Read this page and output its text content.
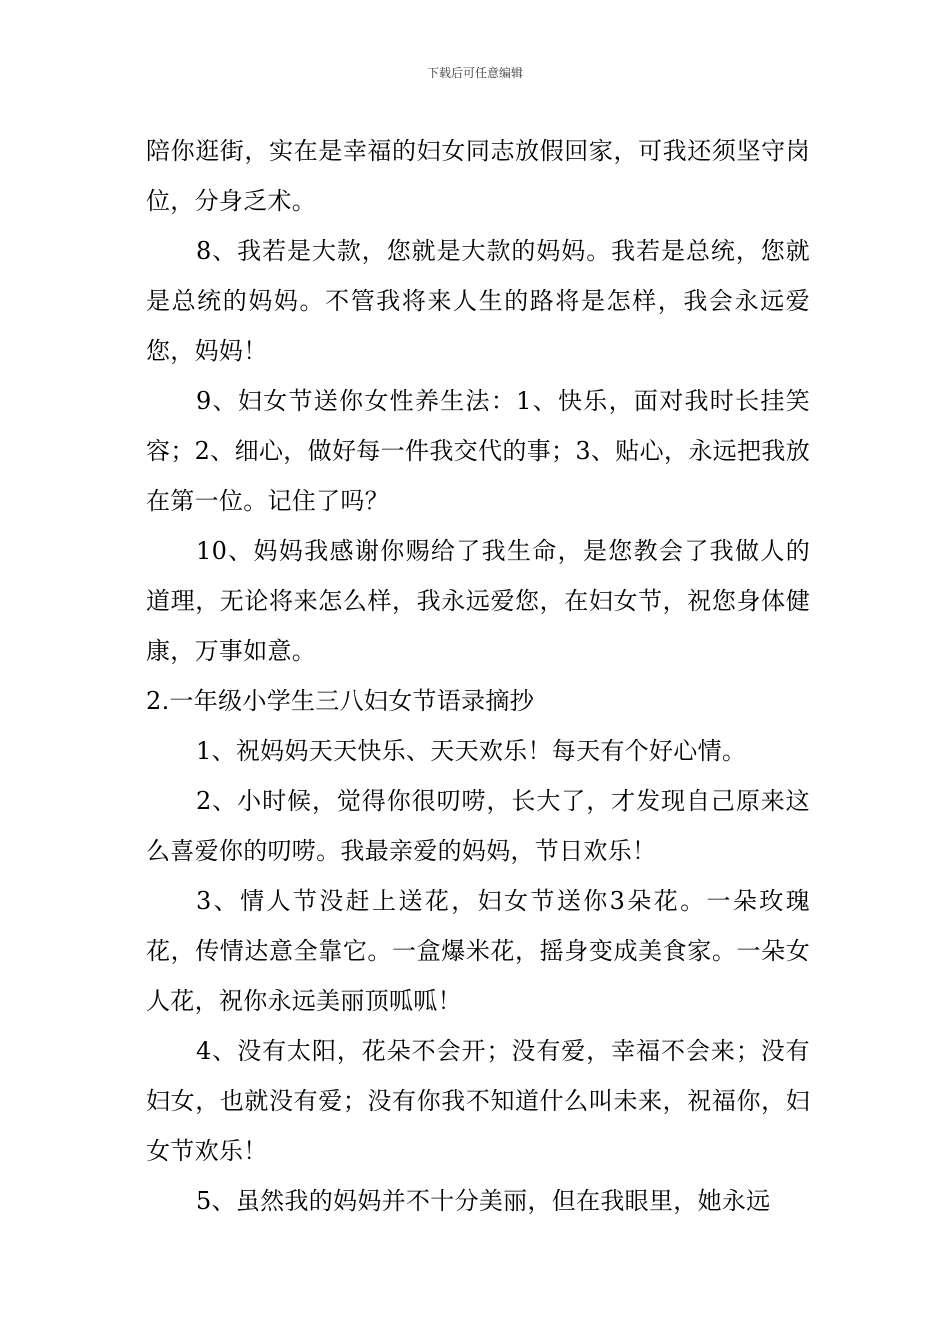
下载后可任意编辑

陪你逛街，实在是幸福的妇女同志放假回家，可我还须坚守岗位，分身乏术。

8、我若是大款，您就是大款的妈妈。我若是总统，您就是总统的妈妈。不管我将来人生的路将是怎样，我会永远爱您，妈妈！

9、妇女节送你女性养生法：1、快乐，面对我时长挂笑容；2、细心，做好每一件我交代的事；3、贴心，永远把我放在第一位。记住了吗？

10、妈妈我感谢你赐给了我生命，是您教会了我做人的道理，无论将来怎么样，我永远爱您，在妇女节，祝您身体健康，万事如意。

2.一年级小学生三八妇女节语录摘抄

1、祝妈妈天天快乐、天天欢乐！每天有个好心情。

2、小时候，觉得你很叨唠，长大了，才发现自己原来这么喜爱你的叨唠。我最亲爱的妈妈，节日欢乐！

3、情人节没赶上送花，妇女节送你3朵花。一朵玫瑰花，传情达意全靠它。一盒爆米花，摇身变成美食家。一朵女人花，祝你永远美丽顶呱呱！

4、没有太阳，花朵不会开；没有爱，幸福不会来；没有妇女，也就没有爱；没有你我不知道什么叫未来，祝福你，妇女节欢乐！

5、虽然我的妈妈并不十分美丽，但在我眼里，她永远
